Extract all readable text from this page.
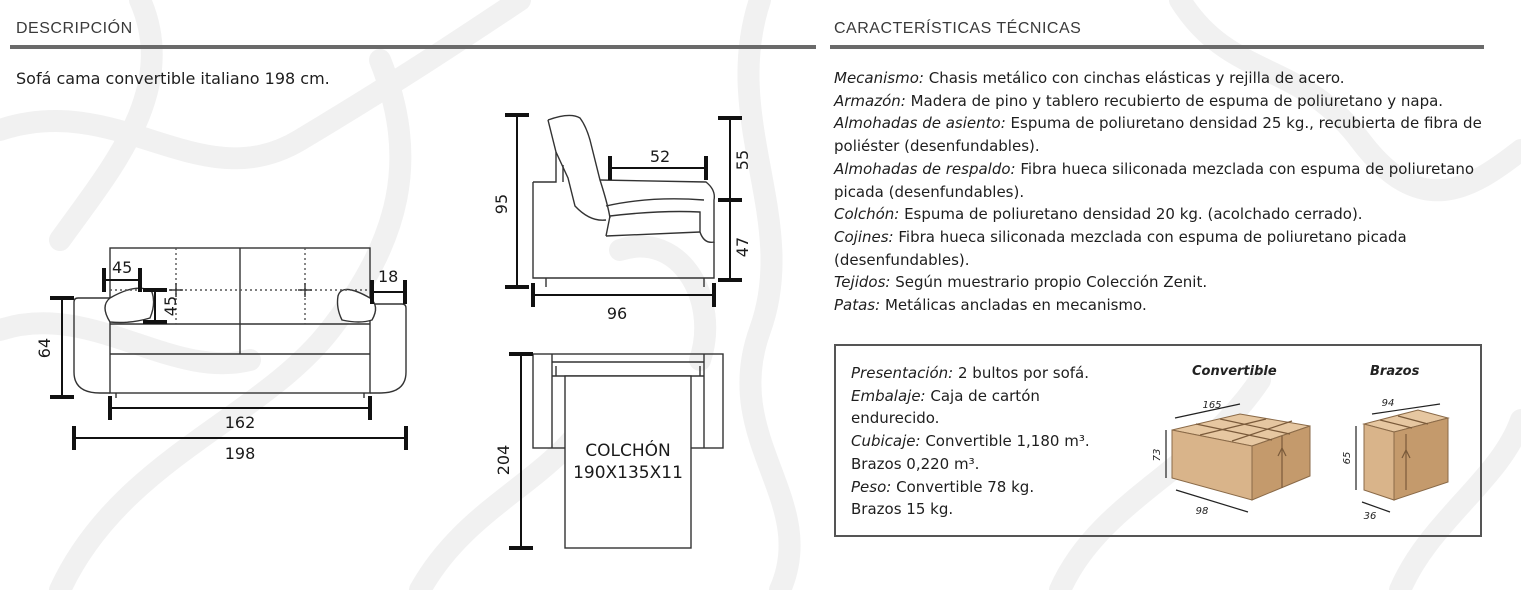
DESCRIPCIÓN	CARACTERÍSTICAS TÉCNICAS
Sofá cama convertible italiano 198 cm.	Mecanismo: Chasis metálico con cinchas elásticas y rejilla de acero.

Armazón: Madera de pino y tablero recubierto de espuma de poliuretano y napa.

Almohadas de asiento: Espuma de poliuretano densidad 25 kg., recubierta de fibra de poliéster (desenfundables).

Almohadas de respaldo: Fibra hueca siliconada mezclada con espuma de poliuretano picada (desenfundables).

Colchón: Espuma de poliuretano densidad 20 kg. (acolchado cerrado).

Cojines: Fibra hueca siliconada mezclada con espuma de poliuretano picada (desenfundables).

Tejidos: Según muestrario propio Colección Zenit.

Patas: Metálicas ancladas en mecanismo.

Presentación: 2 bultos por sofá.

Embalaje: Caja de cartón endurecido.

Cubicaje: Convertible 1,180 m³. Brazos 0,220 m³.

Peso: Convertible 78 kg. Brazos 15 kg.

Convertible	Brazos
45
45
18
64
162
198
52
95
55
47
96
204	COLCHÓN
190X135X11
165
73
98
94
65
36
